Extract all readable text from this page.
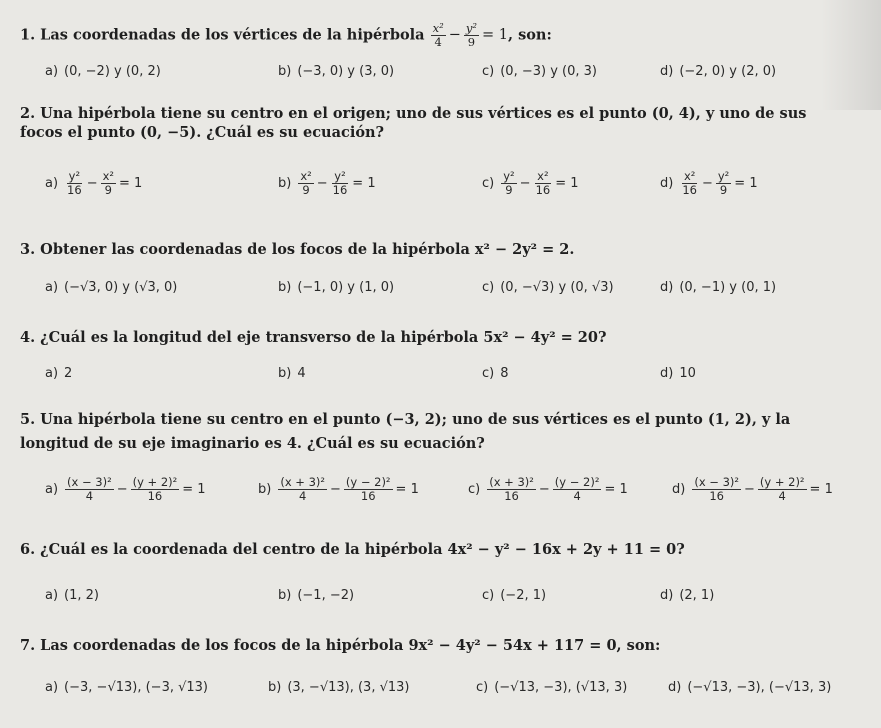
1. Las coordenadas de los vértices de la hipérbola $\frac{\text{x²}}{4} - \frac{\text{y²}}{9} = 1$ , son:
a) (0, −2) y (0, 2)	b) (−3, 0) y (3, 0)	c) (0, −3) y (0, 3)	d) (−2, 0) y (2, 0)
2. Una hipérbola tiene su centro en el origen; uno de sus vértices es el punto (0, 4), y uno de sus
focos el punto (0, −5). ¿Cuál es su ecuación?
$a) \frac{\text{y²}}{16} - \frac{\text{x²}}{9} = 1$	$b) \frac{\text{x²}}{9} - \frac{\text{y²}}{16} = 1$	$c) \frac{\text{y²}}{9} - \frac{\text{x²}}{16} = 1$	$d) \frac{\text{x²}}{16} - \frac{\text{y²}}{9} = 1$
3. Obtener las coordenadas de los focos de la hipérbola x² − 2y² = 2.
a) (−√3, 0) y (√3, 0)	b) (−1, 0) y (1, 0)	c) (0, −√3) y (0, √3)	d) (0, −1) y (0, 1)
4. ¿Cuál es la longitud del eje transverso de la hipérbola 5x² − 4y² = 20?
a) 2	b) 4	c) 8	d) 10
5. Una hipérbola tiene su centro en el punto (−3, 2); uno de sus vértices es el punto (1, 2), y la
longitud de su eje imaginario es 4. ¿Cuál es su ecuación?
$a) \frac{\text{(x − 3)²}}{4} - \frac{\text{(y + 2)²}}{16} = 1$	$b) \frac{\text{(x + 3)²}}{4} - \frac{\text{(y − 2)²}}{16} = 1$	$c) \frac{\text{(x + 3)²}}{16} - \frac{\text{(y − 2)²}}{4} = 1$	$d) \frac{\text{(x − 3)²}}{16} - \frac{\text{(y + 2)²}}{4} = 1$
6. ¿Cuál es la coordenada del centro de la hipérbola 4x² − y² − 16x + 2y + 11 = 0?
a) (1, 2)	b) (−1, −2)	c) (−2, 1)	d) (2, 1)
7. Las coordenadas de los focos de la hipérbola 9x² − 4y² − 54x + 117 = 0, son:
a) (−3, −√13), (−3, √13)	b) (3, −√13), (3, √13)	c) (−√13, −3), (√13, 3)	d) (−√13, −3), (−√13, 3)
